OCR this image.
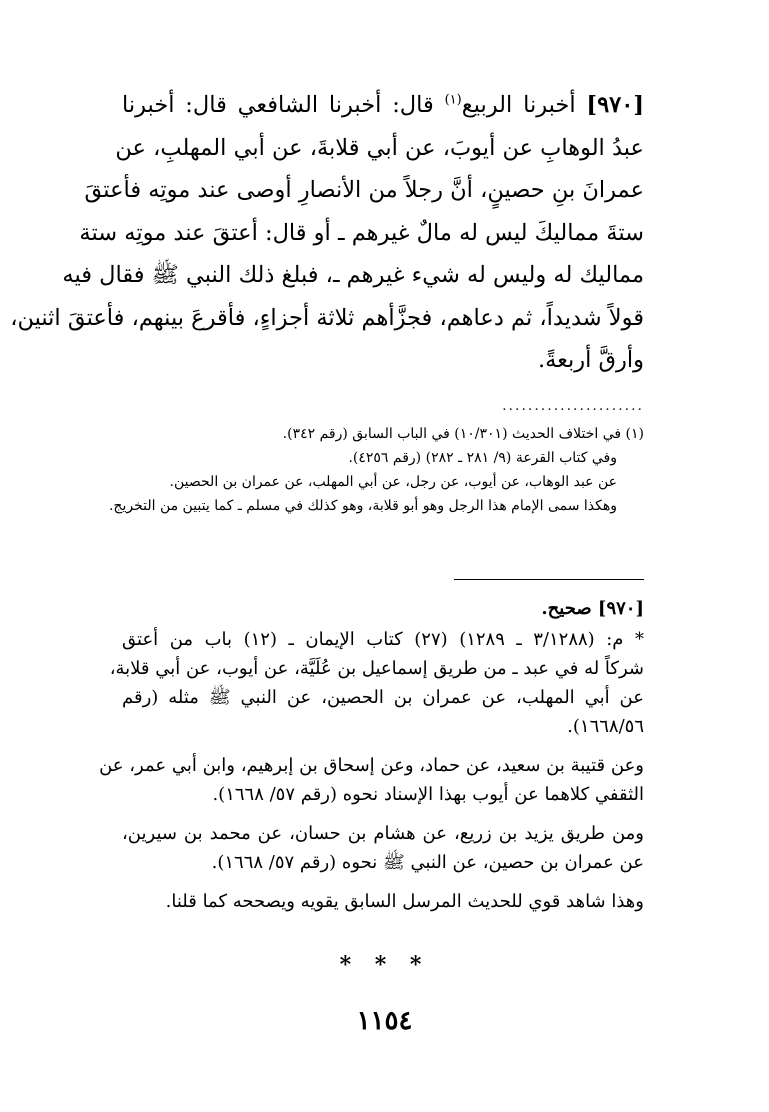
[٩٧٠] أخبرنا الربيع$^{(١)}$ قال: أخبرنا الشافعي قال: أخبرنا
عبدُ الوهابِ عن أيوبَ، عن أبي قلابةَ، عن أبي المهلبِ، عن
عمرانَ بنِ حصينٍ، أنَّ رجلاً من الأنصارِ أوصى عند موتِه فأعتقَ
ستةَ مماليكَ ليس له مالٌ غيرهم ـ أو قال: أعتقَ عند موتِه ستة
مماليك له وليس له شيء غيرهم ـ، فبلغ ذلك النبي ﷺ فقال فيه
قولاً شديداً، ثم دعاهم، فجزَّأهم ثلاثة أجزاءٍ، فأقرعَ بينهم، فأعتقَ اثنين،
وأرقَّ أربعةً.
......................
(١) في اختلاف الحديث (١٠/٣٠١) في الباب السابق (رقم ٣٤٢).
وفي كتاب القرعة (٩/ ٢٨١ ـ ٢٨٢) (رقم ٤٢٥٦).
عن عبد الوهاب، عن أيوب، عن رجل، عن أبي المهلب، عن عمران بن الحصين.
وهكذا سمى الإمام هذا الرجل وهو أبو قلابة، وهو كذلك في مسلم ـ كما يتبين من التخريج.
[٩٧٠] صحيح.
* م: (٣/١٢٨٨ ـ ١٢٨٩) (٢٧) كتاب الإيمان ـ (١٢) باب من أعتق
شركاً له في عبد ـ من طريق إسماعيل بن عُلَيَّة، عن أيوب، عن أبي قلابة،
عن أبي المهلب، عن عمران بن الحصين، عن النبي ﷺ مثله (رقم
١٦٦٨/٥٦).
وعن قتيبة بن سعيد، عن حماد، وعن إسحاق بن إبرهيم، وابن أبي عمر، عن
الثقفي كلاهما عن أيوب بهذا الإسناد نحوه (رقم ٥٧/ ١٦٦٨).
ومن طريق يزيد بن زريع، عن هشام بن حسان، عن محمد بن سيرين،
عن عمران بن حصين، عن النبي ﷺ نحوه (رقم ٥٧/ ١٦٦٨).
وهذا شاهد قوي للحديث المرسل السابق يقويه ويصححه كما قلنا.
* * *
١١٥٤
